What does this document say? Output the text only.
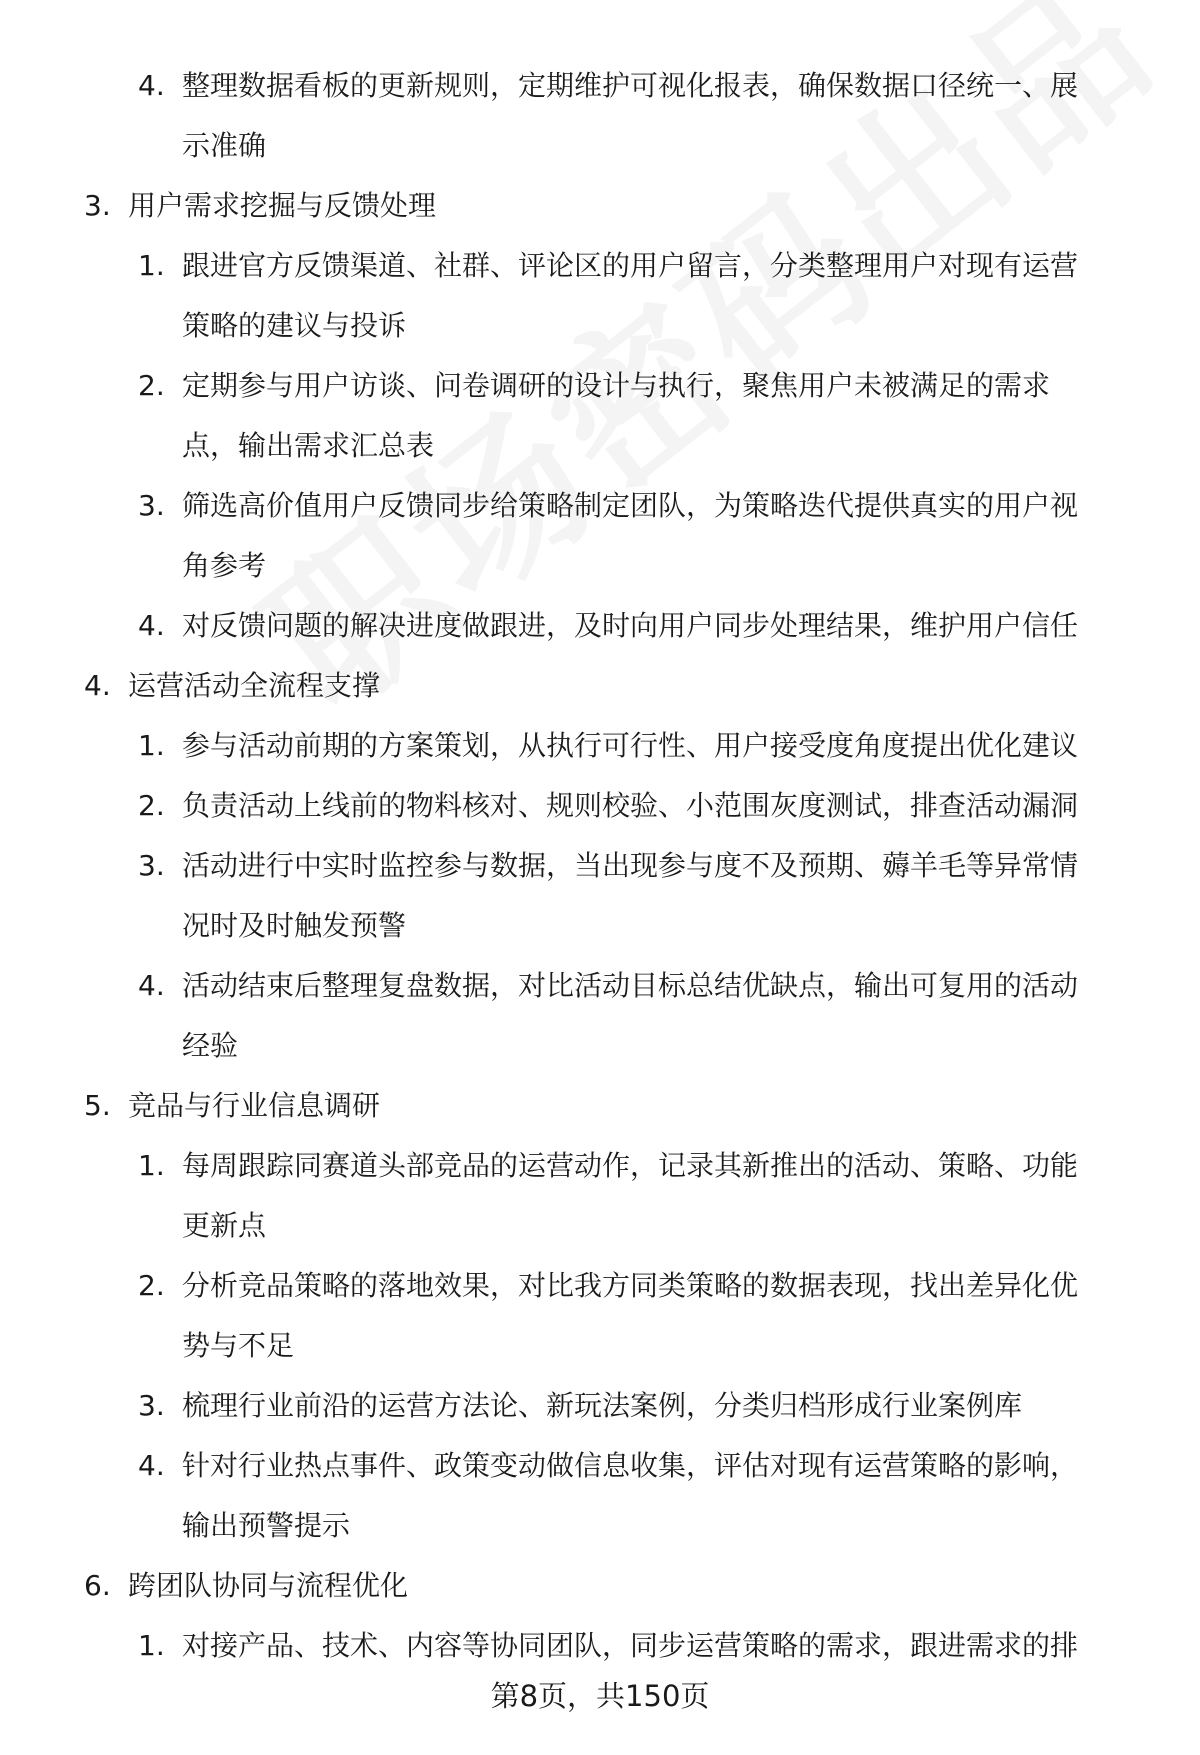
4. 整理数据看板的更新规则，定期维护可视化报表，确保数据口径统一、展
示准确
3. 用户需求挖掘与反馈处理
1. 跟进官方反馈渠道、社群、评论区的用户留言，分类整理用户对现有运营
策略的建议与投诉
2. 定期参与用户访谈、问卷调研的设计与执行，聚焦用户未被满足的需求
点，输出需求汇总表
3. 筛选高价值用户反馈同步给策略制定团队，为策略迭代提供真实的用户视
角参考
4. 对反馈问题的解决进度做跟进，及时向用户同步处理结果，维护用户信任
4. 运营活动全流程支撑
1. 参与活动前期的方案策划，从执行可行性、用户接受度角度提出优化建议
2. 负责活动上线前的物料核对、规则校验、小范围灰度测试，排查活动漏洞
3. 活动进行中实时监控参与数据，当出现参与度不及预期、薅羊毛等异常情
况时及时触发预警
4. 活动结束后整理复盘数据，对比活动目标总结优缺点，输出可复用的活动
经验
5. 竞品与行业信息调研
1. 每周跟踪同赛道头部竞品的运营动作，记录其新推出的活动、策略、功能
更新点
2. 分析竞品策略的落地效果，对比我方同类策略的数据表现，找出差异化优
势与不足
3. 梳理行业前沿的运营方法论、新玩法案例，分类归档形成行业案例库
4. 针对行业热点事件、政策变动做信息收集，评估对现有运营策略的影响，
输出预警提示
6. 跨团队协同与流程优化
1. 对接产品、技术、内容等协同团队，同步运营策略的需求，跟进需求的排
第8页，共150页
